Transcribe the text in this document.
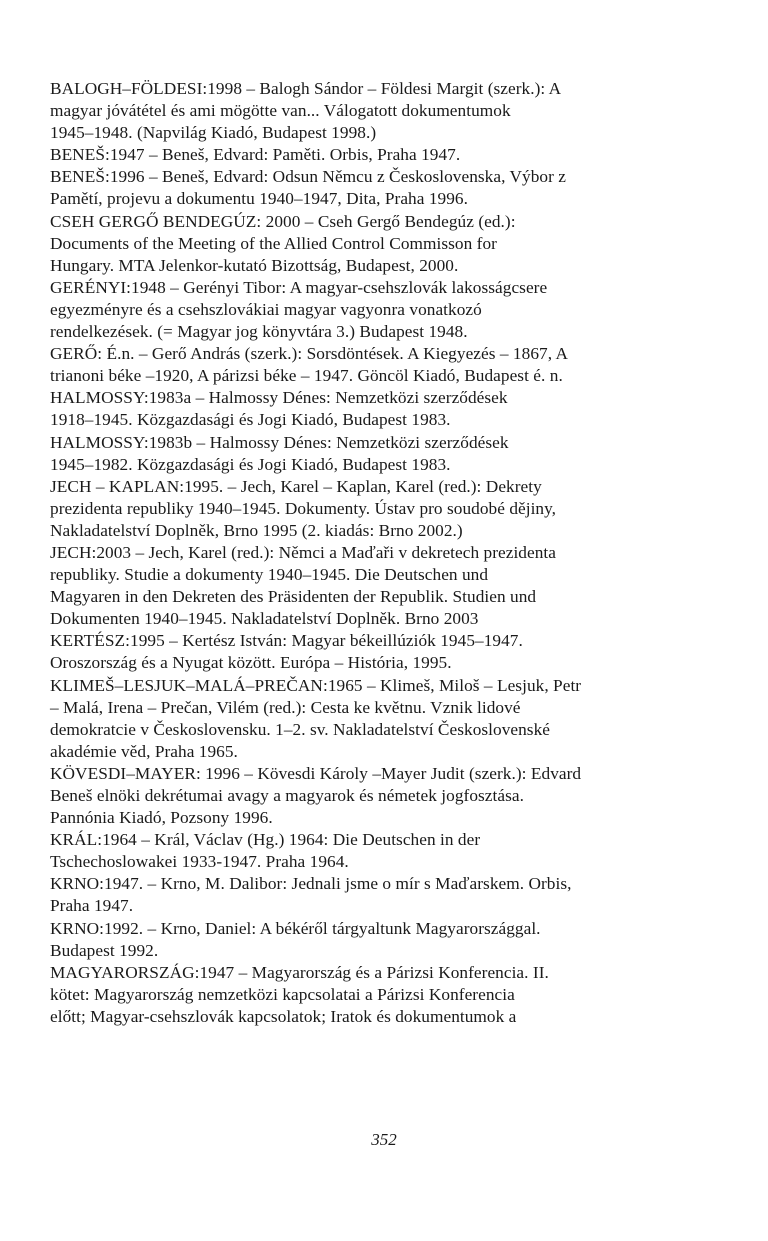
BALOGH–FÖLDESI:1998 – Balogh Sándor – Földesi Margit (szerk.): A
magyar jóvátétel és ami mögötte van... Válogatott dokumentumok
1945–1948. (Napvilág Kiadó, Budapest 1998.)

BENEŠ:1947 – Beneš, Edvard: Paměti. Orbis, Praha 1947.

BENEŠ:1996 – Beneš, Edvard: Odsun Němcu z Československa, Výbor z
Pamětí, projevu a dokumentu 1940–1947, Dita, Praha 1996.

CSEH GERGŐ BENDEGÚZ: 2000 – Cseh Gergő Bendegúz (ed.):
Documents of the Meeting of the Allied Control Commisson for
Hungary. MTA Jelenkor-kutató Bizottság, Budapest, 2000.

GERÉNYI:1948 – Gerényi Tibor: A magyar-csehszlovák lakosságcsere
egyezményre és a csehszlovákiai magyar vagyonra vonatkozó
rendelkezések. (= Magyar jog könyvtára 3.) Budapest 1948.

GERŐ: É.n. – Gerő András (szerk.): Sorsdöntések. A Kiegyezés – 1867, A
trianoni béke –1920, A párizsi béke – 1947. Göncöl Kiadó, Budapest é. n.

HALMOSSY:1983a – Halmossy Dénes: Nemzetközi szerződések
1918–1945. Közgazdasági és Jogi Kiadó, Budapest 1983.

HALMOSSY:1983b – Halmossy Dénes: Nemzetközi szerződések
1945–1982. Közgazdasági és Jogi Kiadó, Budapest 1983.

JECH – KAPLAN:1995. – Jech, Karel – Kaplan, Karel (red.): Dekrety
prezidenta republiky 1940–1945. Dokumenty. Ústav pro soudobé dějiny,
Nakladatelství Doplněk, Brno 1995 (2. kiadás: Brno 2002.)

JECH:2003 – Jech, Karel (red.): Němci a Maďaři v dekretech prezidenta
republiky. Studie a dokumenty 1940–1945. Die Deutschen und
Magyaren in den Dekreten des Präsidenten der Republik. Studien und
Dokumenten 1940–1945. Nakladatelství Doplněk. Brno 2003

KERTÉSZ:1995 – Kertész István: Magyar békeillúziók 1945–1947.
Oroszország és a Nyugat között. Európa – História, 1995.

KLIMEŠ–LESJUK–MALÁ–PREČAN:1965 – Klimeš, Miloš – Lesjuk, Petr
– Malá, Irena – Prečan, Vilém (red.): Cesta ke květnu. Vznik lidové
demokratcie v Československu. 1–2. sv. Nakladatelství Československé
akadémie věd, Praha 1965.

KÖVESDI–MAYER: 1996 – Kövesdi Károly –Mayer Judit (szerk.): Edvard
Beneš elnöki dekrétumai avagy a magyarok és németek jogfosztása.
Pannónia Kiadó, Pozsony 1996.

KRÁL:1964 – Král, Václav (Hg.) 1964: Die Deutschen in der
Tschechoslowakei 1933-1947. Praha 1964.

KRNO:1947. – Krno, M. Dalibor: Jednali jsme o mír s Maďarskem. Orbis,
Praha 1947.

KRNO:1992. – Krno, Daniel: A békéről tárgyaltunk Magyarországgal.
Budapest 1992.

MAGYARORSZÁG:1947 – Magyarország és a Párizsi Konferencia. II.
kötet: Magyarország nemzetközi kapcsolatai a Párizsi Konferencia
előtt; Magyar-csehszlovák kapcsolatok; Iratok és dokumentumok a

352
